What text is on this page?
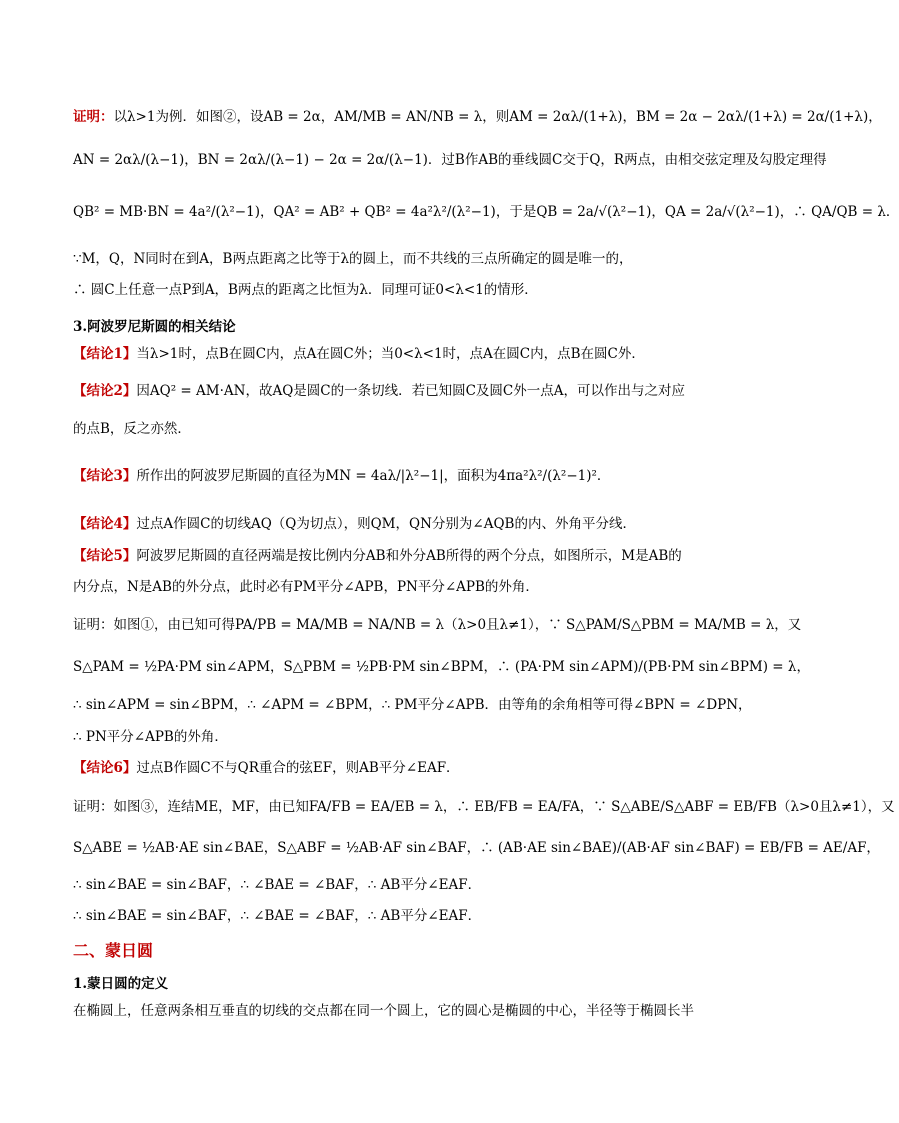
证明： 以λ>1为例．如图②，设AB = 2α，AM/MB = AN/NB = λ，则AM = 2αλ/(1+λ)，BM = 2α − 2αλ/(1+λ) = 2α/(1+λ)，
AN = 2αλ/(λ−1)，BN = 2αλ/(λ−1) − 2α = 2α/(λ−1)．过B作AB的垂线圆C交于Q，R两点，由相交弦定理及勾股定理得
QB² = MB·BN = 4a²/(λ²−1)，QA² = AB² + QB² = 4a²λ²/(λ²−1)，于是QB = 2a/√(λ²−1)，QA = 2a/√(λ²−1)，∴ QA/QB = λ．
∵M，Q，N同时在到A，B两点距离之比等于λ的圆上，而不共线的三点所确定的圆是唯一的，
∴ 圆C上任意一点P到A，B两点的距离之比恒为λ．同理可证0<λ<1的情形．
3.阿波罗尼斯圆的相关结论
【结论1】 当λ>1时，点B在圆C内，点A在圆C外；当0<λ<1时，点A在圆C内，点B在圆C外．
【结论2】 因AQ² = AM·AN，故AQ是圆C的一条切线．若已知圆C及圆C外一点A，可以作出与之对应
的点B，反之亦然．
【结论3】 所作出的阿波罗尼斯圆的直径为MN = 4aλ/|λ²−1|，面积为4πa²λ²/(λ²−1)²．
【结论4】 过点A作圆C的切线AQ（Q为切点），则QM，QN分别为∠AQB的内、外角平分线．
【结论5】 阿波罗尼斯圆的直径两端是按比例内分AB和外分AB所得的两个分点，如图所示，M是AB的
内分点，N是AB的外分点，此时必有PM平分∠APB，PN平分∠APB的外角．
证明：如图①，由已知可得PA/PB = MA/MB = NA/NB = λ（λ>0且λ≠1），∵ S△PAM/S△PBM = MA/MB = λ，又
S△PAM = ½PA·PM sin∠APM，S△PBM = ½PB·PM sin∠BPM，∴ (PA·PM sin∠APM)/(PB·PM sin∠BPM) = λ，
∴ sin∠APM = sin∠BPM，∴ ∠APM = ∠BPM，∴ PM平分∠APB．由等角的余角相等可得∠BPN = ∠DPN，
∴ PN平分∠APB的外角．
【结论6】 过点B作圆C不与QR重合的弦EF，则AB平分∠EAF．
证明：如图③，连结ME，MF，由已知FA/FB = EA/EB = λ，∴ EB/FB = EA/FA，∵ S△ABE/S△ABF = EB/FB（λ>0且λ≠1），又
S△ABE = ½AB·AE sin∠BAE，S△ABF = ½AB·AF sin∠BAF，∴ (AB·AE sin∠BAE)/(AB·AF sin∠BAF) = EB/FB = AE/AF，
∴ sin∠BAE = sin∠BAF，∴ ∠BAE = ∠BAF，∴ AB平分∠EAF．
∴ sin∠BAE = sin∠BAF，∴ ∠BAE = ∠BAF，∴ AB平分∠EAF．
二、蒙日圆
1.蒙日圆的定义
在椭圆上，任意两条相互垂直的切线的交点都在同一个圆上，它的圆心是椭圆的中心，半径等于椭圆长半
